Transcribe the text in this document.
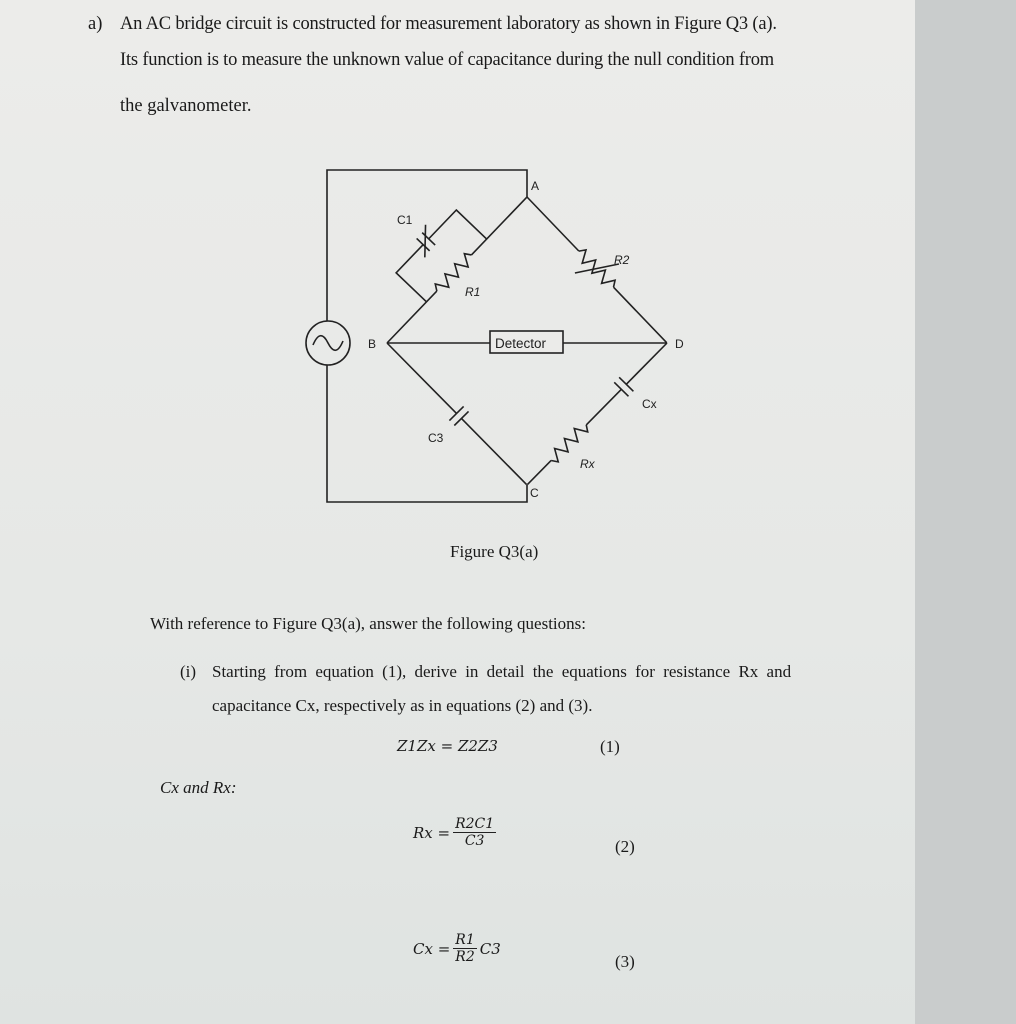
a) An AC bridge circuit is constructed for measurement laboratory as shown in Figure Q3 (a).
Its function is to measure the unknown value of capacitance during the null condition from
the galvanometer.
Detector
A
B
C
D
C1
R1
R2
Cx
C3
Rx
Figure Q3(a)
With reference to Figure Q3(a), answer the following questions:
(i) Starting from equation (1), derive in detail the equations for resistance Rx and
capacitance Cx, respectively as in equations (2) and (3).
Z1Zx = Z2Z3	(1)
Cx and Rx:
$Rx = \frac{R2C1}{C3}$	(2)
$Cx = \frac{R1}{R2} C3$
(3)
